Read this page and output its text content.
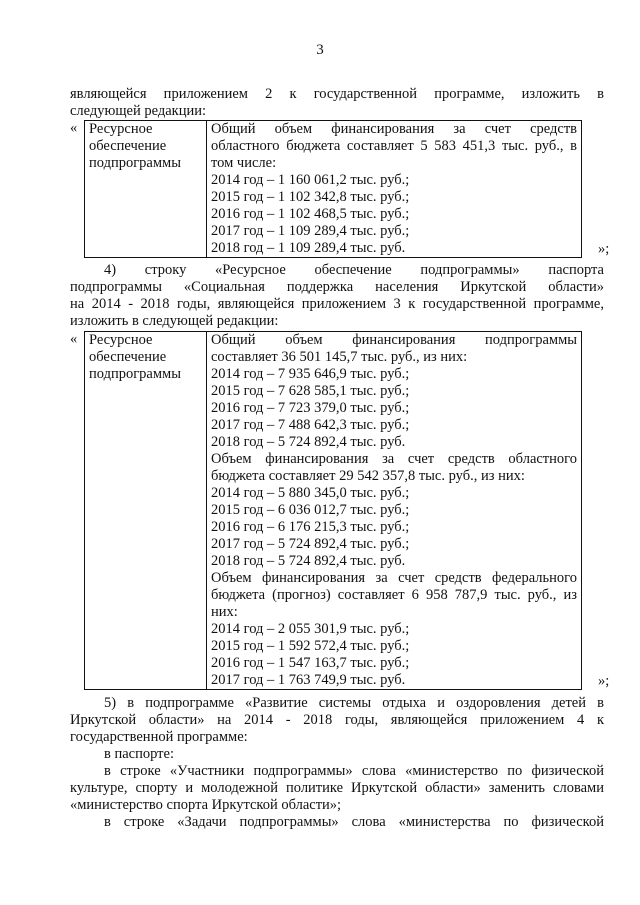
3
являющейся приложением 2 к государственной программе, изложить в
следующей редакции:
« Ресурсное
обеспечение
подпрограммы

Общий объем финансирования за счет средств
областного бюджета составляет 5 583 451,3 тыс. руб., в
том числе:
2014 год – 1 160 061,2 тыс. руб.;
2015 год – 1 102 342,8 тыс. руб.;
2016 год – 1 102 468,5 тыс. руб.;
2017 год – 1 109 289,4 тыс. руб.;
2018 год – 1 109 289,4 тыс. руб.	»;
4) строку «Ресурсное обеспечение подпрограммы» паспорта
подпрограммы «Социальная поддержка населения Иркутской области»
на 2014 - 2018 годы, являющейся приложением 3 к государственной программе,
изложить в следующей редакции:
« Ресурсное
обеспечение
подпрограммы

Общий объем финансирования подпрограммы
составляет 36 501 145,7 тыс. руб., из них:
2014 год – 7 935 646,9 тыс. руб.;
2015 год – 7 628 585,1 тыс. руб.;
2016 год – 7 723 379,0 тыс. руб.;
2017 год – 7 488 642,3 тыс. руб.;
2018 год – 5 724 892,4 тыс. руб.
Объем финансирования за счет средств областного
бюджета составляет 29 542 357,8 тыс. руб., из них:
2014 год – 5 880 345,0 тыс. руб.;
2015 год – 6 036 012,7 тыс. руб.;
2016 год – 6 176 215,3 тыс. руб.;
2017 год – 5 724 892,4 тыс. руб.;
2018 год – 5 724 892,4 тыс. руб.
Объем финансирования за счет средств федерального
бюджета (прогноз) составляет 6 958 787,9 тыс. руб., из
них:
2014 год – 2 055 301,9 тыс. руб.;
2015 год – 1 592 572,4 тыс. руб.;
2016 год – 1 547 163,7 тыс. руб.;
2017 год – 1 763 749,9 тыс. руб.	»;
5) в подпрограмме «Развитие системы отдыха и оздоровления детей в
Иркутской области» на 2014 - 2018 годы, являющейся приложением 4 к
государственной программе:
в паспорте:
в строке «Участники подпрограммы» слова «министерство по физической
культуре, спорту и молодежной политике Иркутской области» заменить словами
«министерство спорта Иркутской области»;
в строке «Задачи подпрограммы» слова «министерства по физической
